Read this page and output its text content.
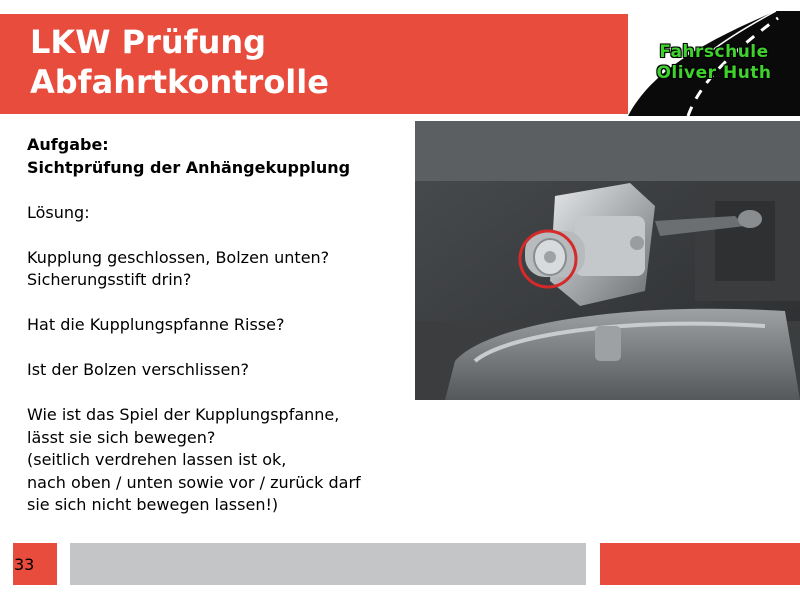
LKW Prüfung
Abfahrtkontrolle
Fahrschule
Oliver Huth

Aufgabe:

Sichtprüfung der Anhängekupplung

Lösung:

Kupplung geschlossen, Bolzen unten?

Sicherungsstift drin?

Hat die Kupplungspfanne Risse?

Ist der Bolzen verschlissen?

Wie ist das Spiel der Kupplungspfanne,

lässt sie sich bewegen?

(seitlich verdrehen lassen ist ok,

nach oben / unten sowie vor / zurück darf

sie sich nicht bewegen lassen!)

33
